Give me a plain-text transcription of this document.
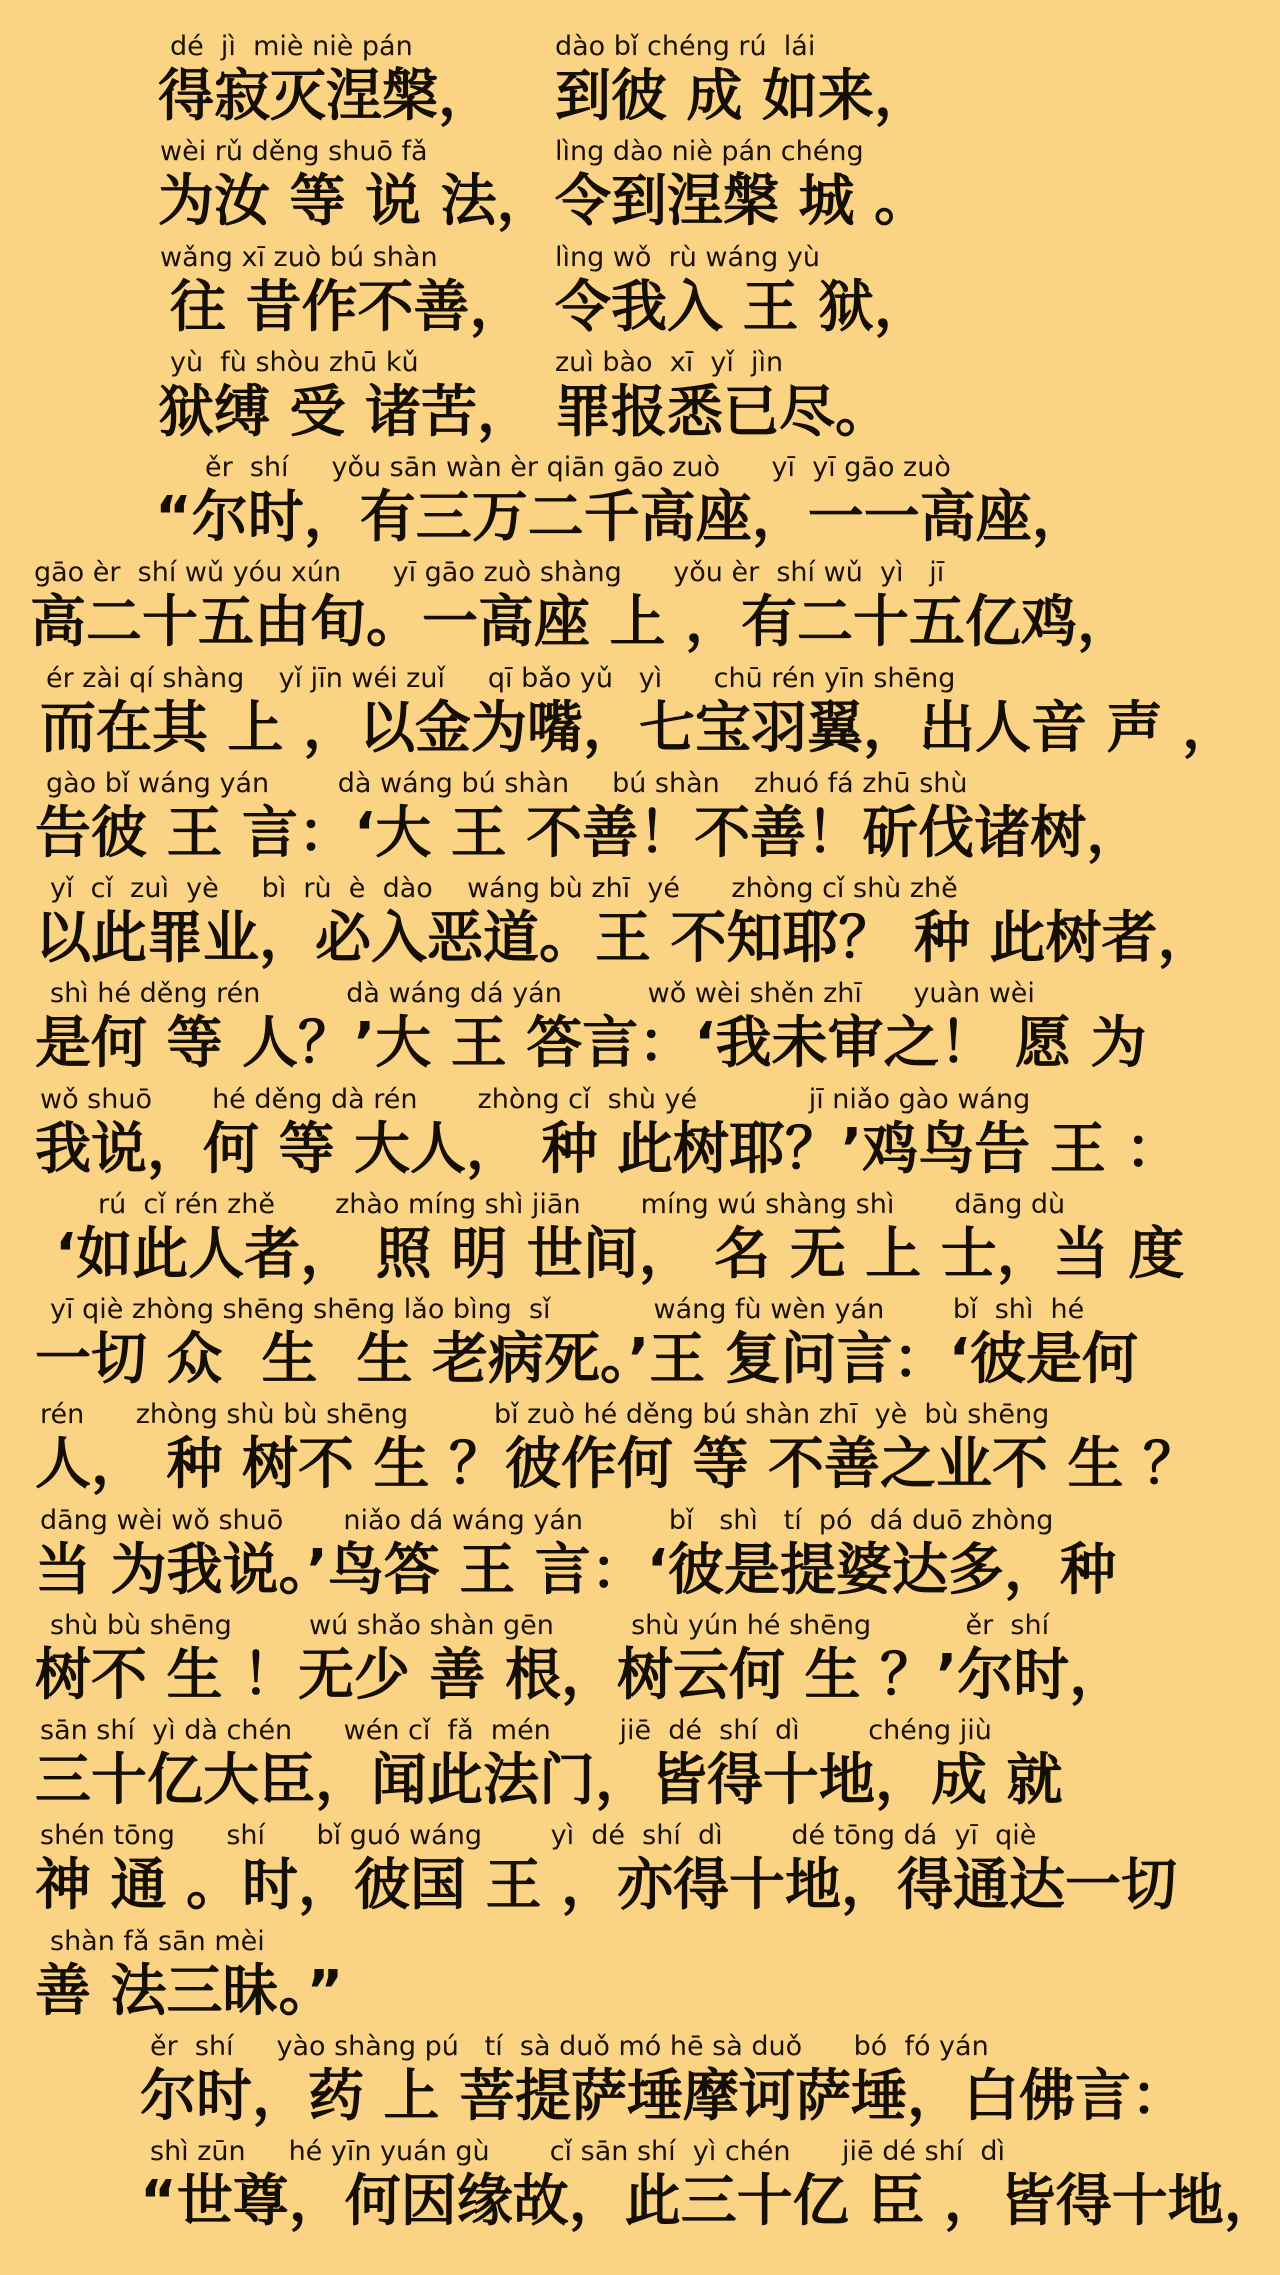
dé  jì  miè niè pán	dào bǐ chéng rú  lái
得寂灭涅槃， 到彼 成 如来，
wèi rǔ děng shuō fǎ	lìng dào niè pán chéng
为汝 等 说 法， 令到涅槃 城 。
wǎng xī zuò bú shàn	lìng wǒ  rù wáng yù
往 昔作不善， 令我入 王 狱，
yù  fù shòu zhū kǔ	zuì bào  xī  yǐ  jìn
狱缚 受 诸苦， 罪报悉已尽。
ěr  shí     yǒu sān wàn èr qiān gāo zuò      yī  yī gāo zuò
“尔时，有三万二千高座，一一高座，
gāo èr  shí wǔ yóu xún      yī gāo zuò shàng      yǒu èr  shí wǔ  yì   jī
高二十五由旬。一高座 上 ，有二十五亿鸡，
ér zài qí shàng    yǐ jīn wéi zuǐ     qī bǎo yǔ   yì      chū rén yīn shēng
而在其 上 ，以金为嘴，七宝羽翼，出人音 声 ，
gào bǐ wáng yán        dà wáng bú shàn     bú shàn    zhuó fá zhū shù
告彼 王 言：‘大 王 不善！不善！斫伐诸树，
yǐ  cǐ  zuì  yè     bì  rù  è  dào    wáng bù zhī  yé      zhòng cǐ shù zhě
以此罪业，必入恶道。王 不知耶？ 种 此树者，
shì hé děng rén          dà wáng dá yán          wǒ wèi shěn zhī      yuàn wèi
是何 等 人？’大 王 答言：‘我未审之！ 愿 为
wǒ shuō       hé děng dà rén       zhòng cǐ  shù yé             jī niǎo gào wáng
我说，何 等 大人， 种 此树耶？’鸡鸟告 王 ：
rú  cǐ rén zhě       zhào míng shì jiān       míng wú shàng shì       dāng dù
‘如此人者， 照 明 世间， 名 无 上 士，当 度
yī qiè zhòng shēng shēng lǎo bìng  sǐ            wáng fù wèn yán        bǐ  shì  hé
一切 众  生  生 老病死。’王 复问言：‘彼是何
rén      zhòng shù bù shēng          bǐ zuò hé děng bú shàn zhī  yè  bù shēng
人， 种 树不 生 ？彼作何 等 不善之业不 生 ？
dāng wèi wǒ shuō       niǎo dá wáng yán          bǐ   shì   tí  pó  dá duō zhòng
当 为我说。’鸟答 王 言：‘彼是提婆达多，种
shù bù shēng         wú shǎo shàn gēn         shù yún hé shēng           ěr  shí
树不 生 ！无少 善 根，树云何 生 ？’尔时，
sān shí  yì dà chén      wén cǐ  fǎ  mén        jiē  dé  shí  dì        chéng jiù
三十亿大臣，闻此法门，皆得十地，成 就
shén tōng      shí      bǐ guó wáng        yì  dé  shí  dì        dé tōng dá  yī  qiè
神 通 。时，彼国 王 ，亦得十地，得通达一切
shàn fǎ sān mèi
善 法三昧。”
ěr  shí     yào shàng pú   tí  sà duǒ mó hē sà duǒ      bó  fó yán
尔时，药 上 菩提萨埵摩诃萨埵，白佛言：
shì zūn     hé yīn yuán gù       cǐ sān shí  yì chén      jiē dé shí  dì
“世尊，何因缘故，此三十亿 臣 ，皆得十地，
